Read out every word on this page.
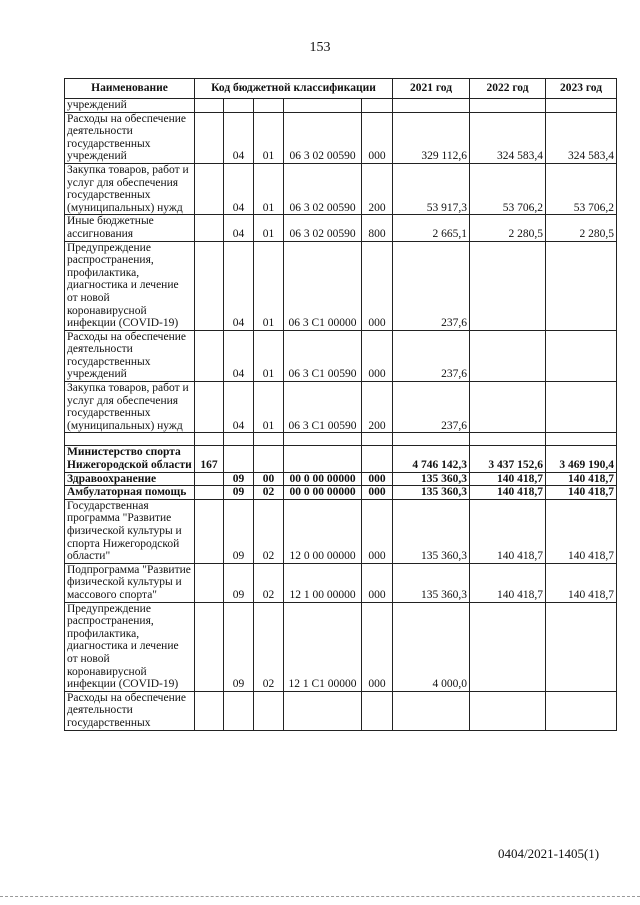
153
Наименование	Код бюджетной классификации					2021 год	2022 год	2023 год
учреждений								
Расходы на обеспечение деятельности государственных учреждений		04	01	06 3 02 00590	000	329 112,6	324 583,4	324 583,4
Закупка товаров, работ и услуг для обеспечения государственных (муниципальных) нужд		04	01	06 3 02 00590	200	53 917,3	53 706,2	53 706,2
Иные бюджетные ассигнования		04	01	06 3 02 00590	800	2 665,1	2 280,5	2 280,5
Предупреждение распространения, профилактика, диагностика и лечение от новой коронавирусной инфекции (COVID-19)		04	01	06 3 C1 00000	000	237,6		
Расходы на обеспечение деятельности государственных учреждений		04	01	06 3 C1 00590	000	237,6		
Закупка товаров, работ и услуг для обеспечения государственных (муниципальных) нужд		04	01	06 3 C1 00590	200	237,6		

Министерство спорта Нижегородской области	167					4 746 142,3	3 437 152,6	3 469 190,4
Здравоохранение		09	00	00 0 00 00000	000	135 360,3	140 418,7	140 418,7
Амбулаторная помощь		09	02	00 0 00 00000	000	135 360,3	140 418,7	140 418,7
Государственная программа "Развитие физической культуры и спорта Нижегородской области"		09	02	12 0 00 00000	000	135 360,3	140 418,7	140 418,7
Подпрограмма "Развитие физической культуры и массового спорта"		09	02	12 1 00 00000	000	135 360,3	140 418,7	140 418,7
Предупреждение распространения, профилактика, диагностика и лечение от новой коронавирусной инфекции (COVID-19)		09	02	12 1 C1 00000	000	4 000,0		
Расходы на обеспечение деятельности государственных								
0404/2021-1405(1)
